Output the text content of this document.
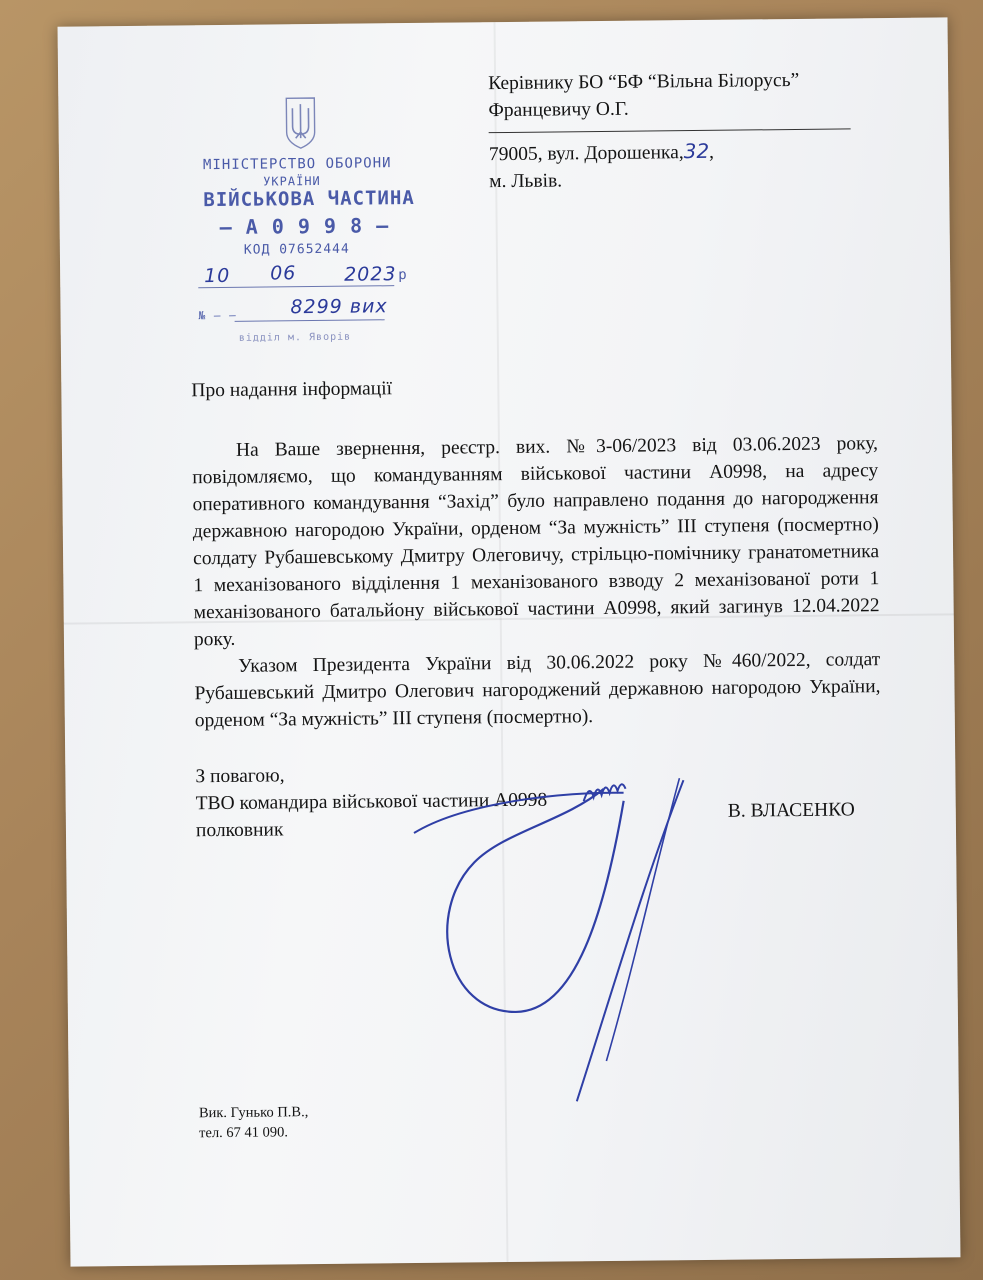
Керівнику БО “БФ “Вільна Білорусь”
Францевичу О.Г.
79005, вул. Дорошенка,32,
м. Львів.
МІНІСТЕРСТВО ОБОРОНИ
УКРАЇНИ
ВІЙСЬКОВА ЧАСТИНА
– А 0 9 9 8 –
КОД 07652444
10 06	2023 р
№ – –	8299 вих
відділ м. Яворів
Про надання інформації

На Ваше звернення, реєстр. вих. №3-06/2023 від 03.06.2023 року, повідомляємо, що командуванням військової частини А0998, на адресу оперативного командування “Захід” було направлено подання до нагородження державною нагородою України, орденом “За мужність” ІІІ ступеня (посмертно) солдату Рубашевському Дмитру Олеговичу, стрільцю-помічнику гранатометника 1 механізованого відділення 1 механізованого взводу 2 механізованої роти 1 механізованого батальйону військової частини А0998, який загинув 12.04.2022 року.

Указом Президента України від 30.06.2022 року №460/2022, солдат Рубашевський Дмитро Олегович нагороджений державною нагородою України, орденом “За мужність” ІІІ ступеня (посмертно).

З повагою,
ТВО командира військової частини А0998
полковник
В. ВЛАСЕНКО
Вик. Гунько П.В.,
тел. 67 41 090.
